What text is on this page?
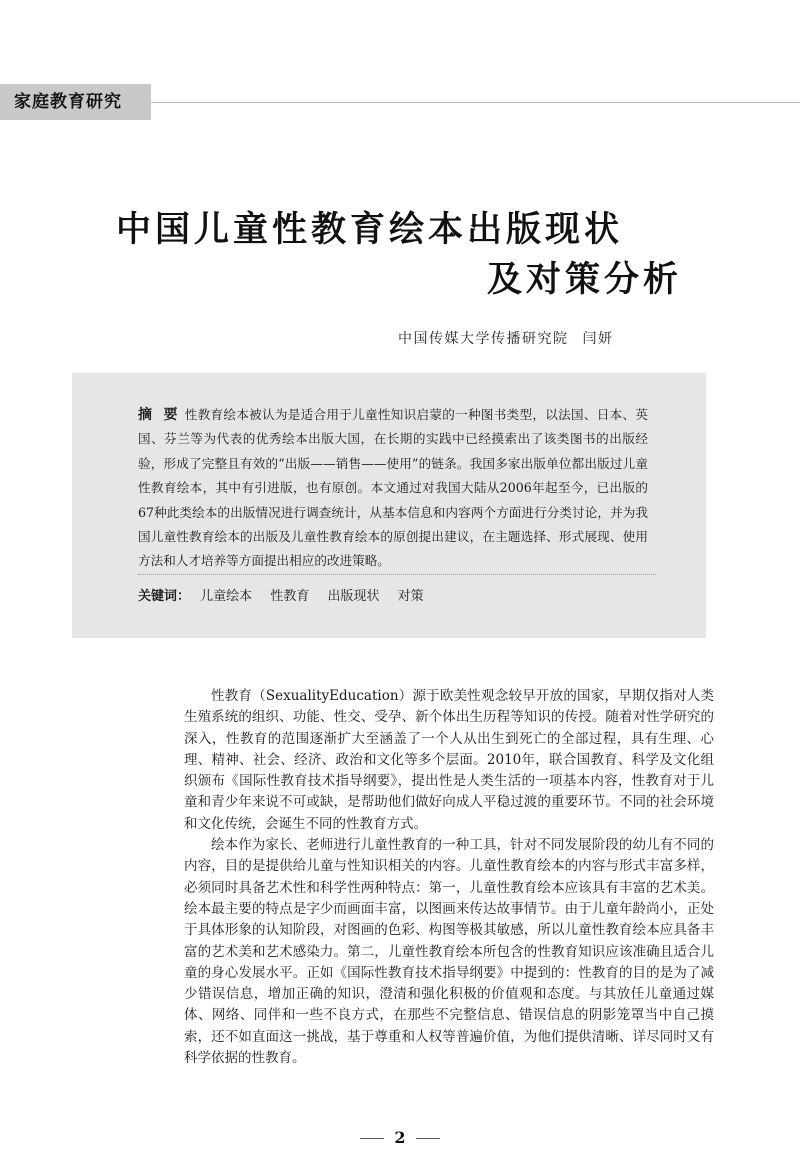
家庭教育研究
中国儿童性教育绘本出版现状
及对策分析
中国传媒大学传播研究院 闫妍

摘 要 性教育绘本被认为是适合用于儿童性知识启蒙的一种图书类型，以法国、日本、英国、芬兰等为代表的优秀绘本出版大国，在长期的实践中已经摸索出了该类图书的出版经验，形成了完整且有效的“出版——销售——使用”的链条。我国多家出版单位都出版过儿童性教育绘本，其中有引进版，也有原创。本文通过对我国大陆从2006年起至今，已出版的67种此类绘本的出版情况进行调查统计，从基本信息和内容两个方面进行分类讨论，并为我国儿童性教育绘本的出版及儿童性教育绘本的原创提出建议，在主题选择、形式展现、使用方法和人才培养等方面提出相应的改进策略。

关键词： 儿童绘本 性教育 出版现状 对策

性教育（SexualityEducation）源于欧美性观念较早开放的国家，早期仅指对人类生殖系统的组织、功能、性交、受孕、新个体出生历程等知识的传授。随着对性学研究的深入，性教育的范围逐渐扩大至涵盖了一个人从出生到死亡的全部过程，具有生理、心理、精神、社会、经济、政治和文化等多个层面。2010年，联合国教育、科学及文化组织颁布《国际性教育技术指导纲要》，提出性是人类生活的一项基本内容，性教育对于儿童和青少年来说不可或缺，是帮助他们做好向成人平稳过渡的重要环节。不同的社会环境和文化传统，会诞生不同的性教育方式。

绘本作为家长、老师进行儿童性教育的一种工具，针对不同发展阶段的幼儿有不同的内容，目的是提供给儿童与性知识相关的内容。儿童性教育绘本的内容与形式丰富多样，必须同时具备艺术性和科学性两种特点：第一，儿童性教育绘本应该具有丰富的艺术美。绘本最主要的特点是字少而画面丰富，以图画来传达故事情节。由于儿童年龄尚小，正处于具体形象的认知阶段，对图画的色彩、构图等极其敏感，所以儿童性教育绘本应具备丰富的艺术美和艺术感染力。第二，儿童性教育绘本所包含的性教育知识应该准确且适合儿童的身心发展水平。正如《国际性教育技术指导纲要》中提到的：性教育的目的是为了减少错误信息，增加正确的知识，澄清和强化积极的价值观和态度。与其放任儿童通过媒体、网络、同伴和一些不良方式，在那些不完整信息、错误信息的阴影笼罩当中自己摸索，还不如直面这一挑战，基于尊重和人权等普遍价值，为他们提供清晰、详尽同时又有科学依据的性教育。

2
